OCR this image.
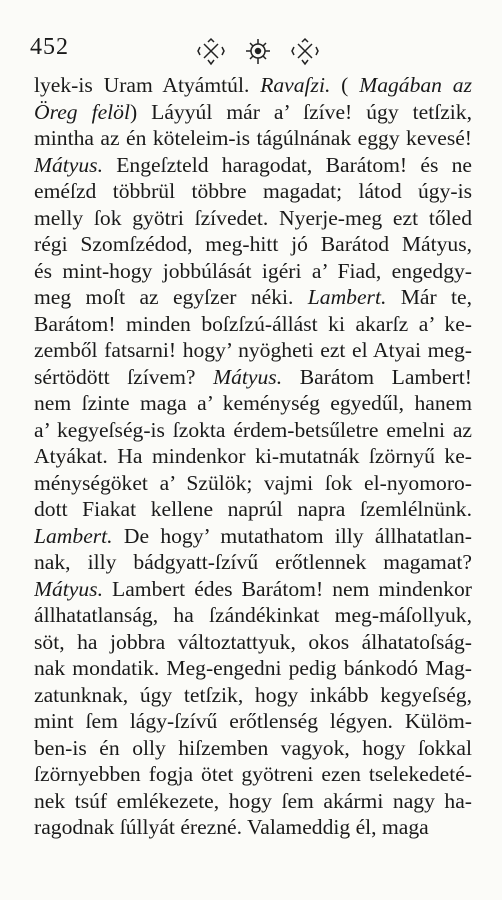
452
lyek-is Uram Atyámtúl. Ravaſzi. ( Magában az
Öreg felöl) Láyyúl már a’ ſzíve! úgy tetſzik,
mintha az én köteleim-is tágúlnának eggy kevesé!
Mátyus. Engeſzteld haragodat, Barátom! és ne
eméſzd többrül többre magadat; látod úgy-is
melly ſok gyötri ſzívedet. Nyerje-meg ezt tőled
régi Szomſzédod, meg-hitt jó Barátod Mátyus,
és mint-hogy jobbúlását igéri a’ Fiad, engedgy-
meg moſt az egyſzer néki. Lambert. Már te,
Barátom! minden boſzſzú-állást ki akarſz a’ ke-
zemből fatsarni! hogy’ nyögheti ezt el Atyai meg-
sértödött ſzívem? Mátyus. Barátom Lambert!
nem ſzinte maga a’ keménység egyedűl, hanem
a’ kegyeſség-is ſzokta érdem-betsűletre emelni az
Atyákat. Ha mindenkor ki-mutatnák ſzörnyű ke-
ménységöket a’ Szülök; vajmi ſok el-nyomoro-
dott Fiakat kellene naprúl napra ſzemlélnünk.
Lambert. De hogy’ mutathatom illy állhatatlan-
nak, illy bádgyatt-ſzívű erőtlennek magamat?
Mátyus. Lambert édes Barátom! nem mindenkor
állhatatlanság, ha ſzándékinkat meg-máſollyuk,
söt, ha jobbra változtattyuk, okos álhatatoſság-
nak mondatik. Meg-engedni pedig bánkodó Mag-
zatunknak, úgy tetſzik, hogy inkább kegyeſség,
mint ſem lágy-ſzívű erőtlenség légyen. Külöm-
ben-is én olly hiſzemben vagyok, hogy ſokkal
ſzörnyebben fogja ötet gyötreni ezen tselekedeté-
nek tsúf emlékezete, hogy ſem akármi nagy ha-
ragodnak ſúllyát érezné. Valameddig él, maga
